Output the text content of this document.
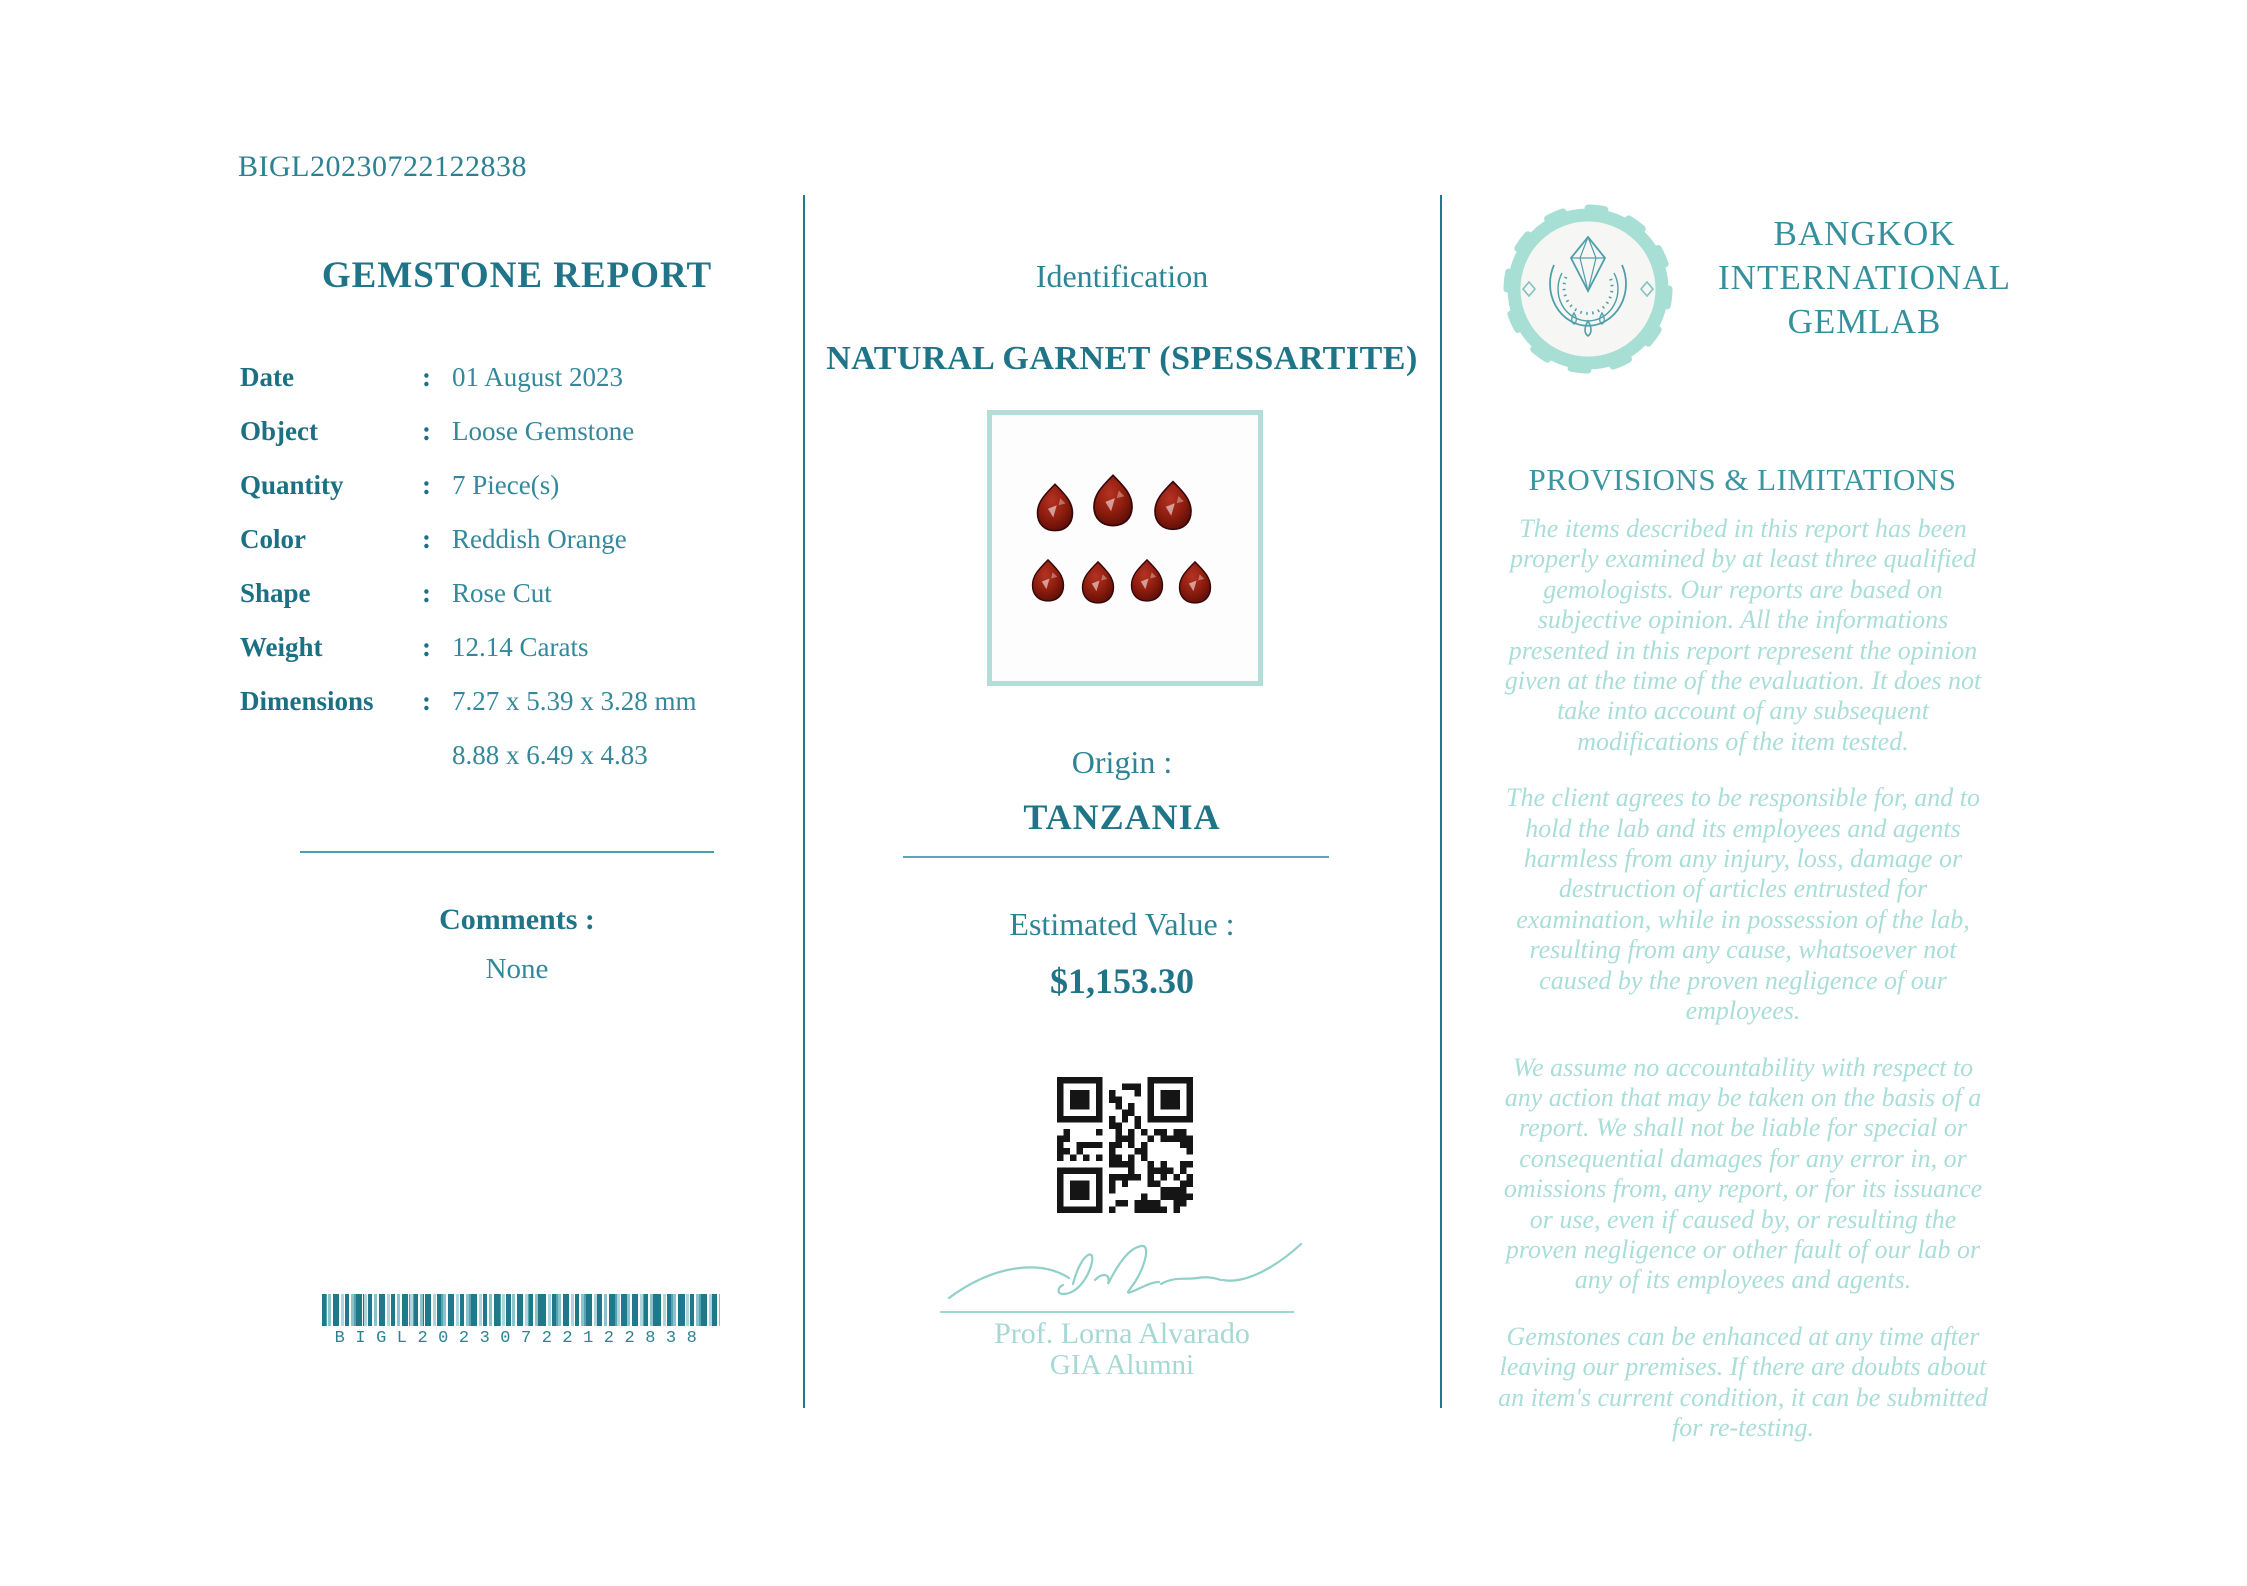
BIGL20230722122838
GEMSTONE REPORT
Date	: 01 August 2023
Object	: Loose Gemstone
Quantity	: 7 Piece(s)
Color	: Reddish Orange
Shape	: Rose Cut
Weight	: 12.14 Carats
Dimensions	: 7.27 x 5.39 x 3.28 mm
8.88 x 6.49 x 4.83
Comments :
None
BIGL20230722122838
Identification
NATURAL GARNET (SPESSARTITE)
Origin :
TANZANIA
Estimated Value :
$1,153.30
Prof. Lorna Alvarado
GIA Alumni
BANGKOK
INTERNATIONAL
GEMLAB
PROVISIONS & LIMITATIONS

The items described in this report has been properly examined by at least three qualified gemologists. Our reports are based on subjective opinion. All the informations presented in this report represent the opinion given at the time of the evaluation. It does not take into account of any subsequent modifications of the item tested.

The client agrees to be responsible for, and to hold the lab and its employees and agents harmless from any injury, loss, damage or destruction of articles entrusted for examination, while in possession of the lab, resulting from any cause, whatsoever not caused by the proven negligence of our employees.

We assume no accountability with respect to any action that may be taken on the basis of a report. We shall not be liable for special or consequential damages for any error in, or omissions from, any report, or for its issuance or use, even if caused by, or resulting the proven negligence or other fault of our lab or any of its employees and agents.

Gemstones can be enhanced at any time after leaving our premises. If there are doubts about an item's current condition, it can be submitted for re-testing.
